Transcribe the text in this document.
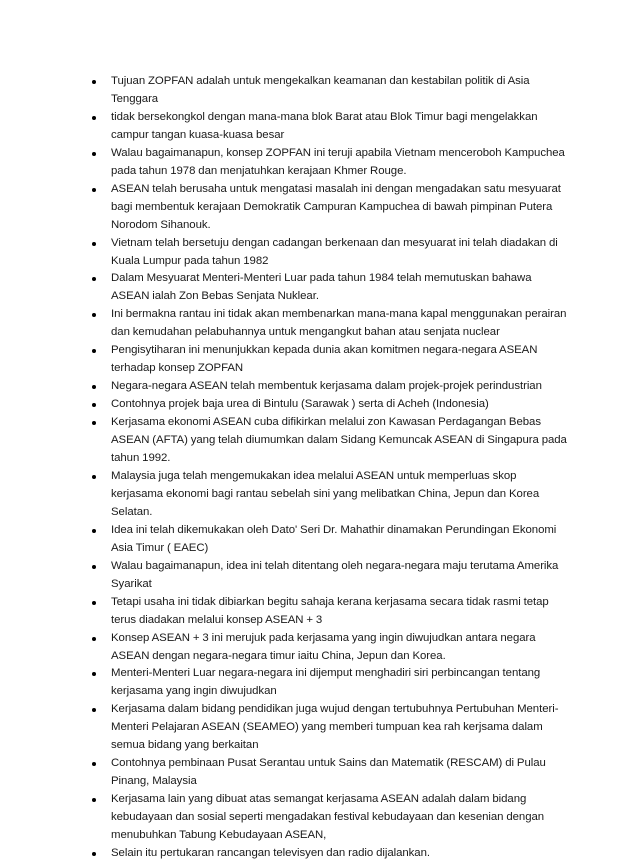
Tujuan ZOPFAN adalah untuk mengekalkan keamanan dan kestabilan politik di Asia Tenggara
tidak bersekongkol dengan mana-mana blok Barat atau Blok Timur bagi mengelakkan campur tangan kuasa-kuasa besar
Walau bagaimanapun, konsep ZOPFAN ini teruji apabila Vietnam menceroboh Kampuchea pada tahun 1978 dan menjatuhkan kerajaan Khmer Rouge.
ASEAN telah berusaha untuk mengatasi masalah ini dengan mengadakan satu mesyuarat bagi membentuk kerajaan Demokratik Campuran Kampuchea di bawah pimpinan Putera Norodom Sihanouk.
Vietnam telah bersetuju dengan cadangan berkenaan dan mesyuarat ini telah diadakan di Kuala Lumpur pada tahun 1982
Dalam Mesyuarat Menteri-Menteri Luar pada tahun 1984 telah memutuskan bahawa ASEAN ialah Zon Bebas Senjata Nuklear.
Ini bermakna rantau ini tidak akan membenarkan mana-mana kapal menggunakan perairan dan kemudahan pelabuhannya untuk mengangkut bahan atau senjata nuclear
Pengisytiharan ini menunjukkan kepada dunia akan komitmen negara-negara ASEAN terhadap konsep ZOPFAN
Negara-negara ASEAN telah membentuk kerjasama dalam projek-projek perindustrian
Contohnya projek baja urea di Bintulu (Sarawak ) serta di Acheh (Indonesia)
Kerjasama ekonomi ASEAN cuba difikirkan melalui zon Kawasan Perdagangan Bebas ASEAN (AFTA) yang telah diumumkan dalam Sidang Kemuncak ASEAN di Singapura pada tahun 1992.
Malaysia juga telah mengemukakan idea melalui ASEAN untuk memperluas skop kerjasama ekonomi bagi rantau sebelah sini yang melibatkan China, Jepun dan Korea Selatan.
Idea ini telah dikemukakan oleh Dato' Seri Dr. Mahathir dinamakan Perundingan Ekonomi Asia Timur ( EAEC)
Walau bagaimanapun, idea ini telah ditentang oleh negara-negara maju terutama Amerika Syarikat
Tetapi usaha ini tidak dibiarkan begitu sahaja kerana kerjasama secara tidak rasmi tetap terus diadakan melalui konsep ASEAN + 3
Konsep ASEAN + 3 ini merujuk pada kerjasama yang ingin diwujudkan antara negara ASEAN dengan negara-negara timur iaitu China, Jepun dan Korea.
Menteri-Menteri Luar negara-negara ini dijemput menghadiri siri perbincangan tentang kerjasama yang ingin diwujudkan
Kerjasama dalam bidang pendidikan juga wujud dengan tertubuhnya Pertubuhan Menteri-Menteri Pelajaran ASEAN (SEAMEO) yang memberi tumpuan kea rah kerjsama dalam semua bidang yang berkaitan
Contohnya pembinaan Pusat Serantau untuk Sains dan Matematik (RESCAM) di Pulau Pinang, Malaysia
Kerjasama lain yang dibuat atas semangat kerjasama ASEAN adalah dalam bidang kebudayaan dan sosial seperti mengadakan festival kebudayaan dan kesenian dengan menubuhkan Tabung Kebudayaan ASEAN,
Selain itu pertukaran rancangan televisyen dan radio dijalankan.
